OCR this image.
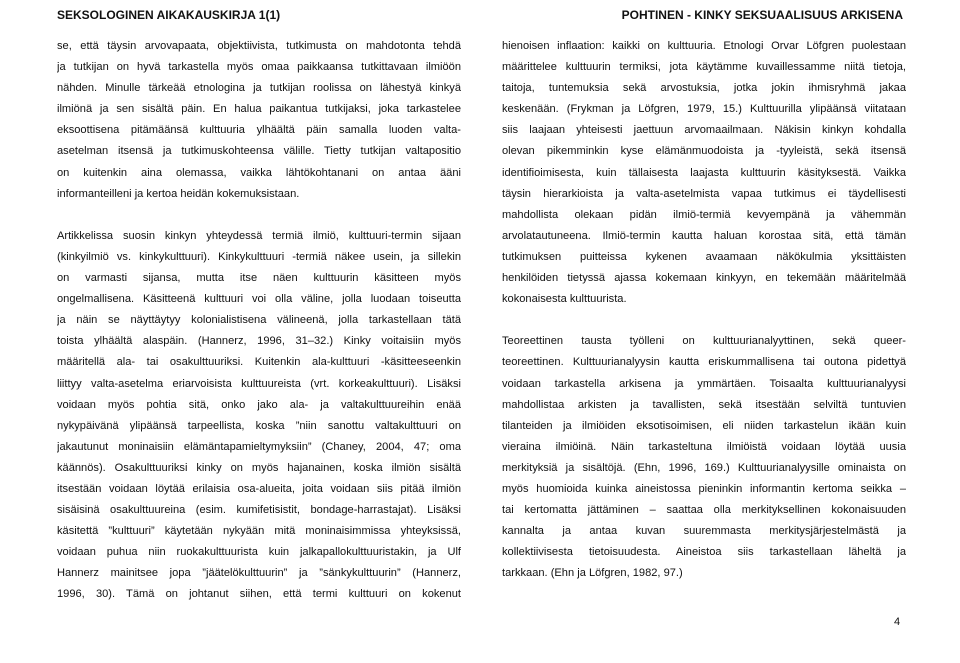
SEKSOLOGINEN AIKAKAUSKIRJA 1(1)	POHTINEN - KINKY SEKSUAALISUUS ARKISENA
se, että täysin arvovapaata, objektiivista, tutkimusta on mahdotonta tehdä
ja tutkijan on hyvä tarkastella myös omaa paikkaansa tutkittavaan ilmiöön
nähden. Minulle tärkeää etnologina ja tutkijan roolissa on lähestyä kinkyä
ilmiönä ja sen sisältä päin. En halua paikantua tutkijaksi, joka tarkastelee
eksoottisena pitämäänsä kulttuuria ylhäältä päin samalla luoden valta-
asetelman itsensä ja tutkimuskohteensa välille. Tietty tutkijan valtapositio
on kuitenkin aina olemassa, vaikka lähtökohtanani on antaa ääni
informanteilleni ja kertoa heidän kokemuksistaan.
Artikkelissa suosin kinkyn yhteydessä termiä ilmiö, kulttuuri-termin sijaan
(kinkyilmiö vs. kinkykulttuuri). Kinkykulttuuri -termiä näkee usein, ja sillekin
on varmasti sijansa, mutta itse näen kulttuurin käsitteen myös
ongelmallisena. Käsitteenä kulttuuri voi olla väline, jolla luodaan toiseutta
ja näin se näyttäytyy kolonialistisena välineenä, jolla tarkastellaan tätä
toista ylhäältä alaspäin. (Hannerz, 1996, 31–32.) Kinky voitaisiin myös
määritellä ala- tai osakulttuuriksi. Kuitenkin ala-kulttuuri -käsitteeseenkin
liittyy valta-asetelma eriarvoisista kulttuureista (vrt. korkeakulttuuri). Lisäksi
voidaan myös pohtia sitä, onko jako ala- ja valtakulttuureihin enää
nykypäivänä ylipäänsä tarpeellista, koska ”niin sanottu valtakulttuuri on
jakautunut moninaisiin elämäntapamieltymyksiin” (Chaney, 2004, 47; oma
käännös). Osakulttuuriksi kinky on myös hajanainen, koska ilmiön sisältä
itsestään voidaan löytää erilaisia osa-alueita, joita voidaan siis pitää ilmiön
sisäisinä osakulttuureina (esim. kumifetisistit, bondage-harrastajat). Lisäksi
käsitettä ”kulttuuri” käytetään nykyään mitä moninaisimmissa yhteyksissä,
voidaan puhua niin ruokakulttuurista kuin jalkapallokulttuuristakin, ja Ulf
Hannerz mainitsee jopa ”jäätelökulttuurin” ja ”sänkykulttuurin” (Hannerz,
1996, 30). Tämä on johtanut siihen, että termi kulttuuri on kokenut
hienoisen inflaation: kaikki on kulttuuria. Etnologi Orvar Löfgren puolestaan
määrittelee kulttuurin termiksi, jota käytämme kuvaillessamme niitä tietoja,
taitoja, tuntemuksia sekä arvostuksia, jotka jokin ihmisryhmä jakaa
keskenään. (Frykman ja Löfgren, 1979, 15.) Kulttuurilla ylipäänsä viitataan
siis laajaan yhteisesti jaettuun arvomaailmaan. Näkisin kinkyn kohdalla
olevan pikemminkin kyse elämänmuodoista ja -tyyleistä, sekä itsensä
identifioimisesta, kuin tällaisesta laajasta kulttuurin käsityksestä. Vaikka
täysin hierarkioista ja valta-asetelmista vapaa tutkimus ei täydellisesti
mahdollista olekaan pidän ilmiö-termiä kevyempänä ja vähemmän
arvolatautuneena. Ilmiö-termin kautta haluan korostaa sitä, että tämän
tutkimuksen puitteissa kykenen avaamaan näkökulmia yksittäisten
henkilöiden tietyssä ajassa kokemaan kinkyyn, en tekemään määritelmää
kokonaisesta kulttuurista.
Teoreettinen tausta työlleni on kulttuurianalyyttinen, sekä queer-
teoreettinen. Kulttuurianalyysin kautta eriskummallisena tai outona pidettyä
voidaan tarkastella arkisena ja ymmärtäen. Toisaalta kulttuurianalyysi
mahdollistaa arkisten ja tavallisten, sekä itsestään selviltä tuntuvien
tilanteiden ja ilmiöiden eksotisoimisen, eli niiden tarkastelun ikään kuin
vieraina ilmiöinä. Näin tarkasteltuna ilmiöistä voidaan löytää uusia
merkityksiä ja sisältöjä. (Ehn, 1996, 169.) Kulttuurianalyysille ominaista on
myös huomioida kuinka aineistossa pieninkin informantin kertoma seikka –
tai kertomatta jättäminen – saattaa olla merkityksellinen kokonaisuuden
kannalta ja antaa kuvan suuremmasta merkitysjärjestelmästä ja
kollektiivisesta tietoisuudesta. Aineistoa siis tarkastellaan läheltä ja
tarkkaan. (Ehn ja Löfgren, 1982, 97.)
4
